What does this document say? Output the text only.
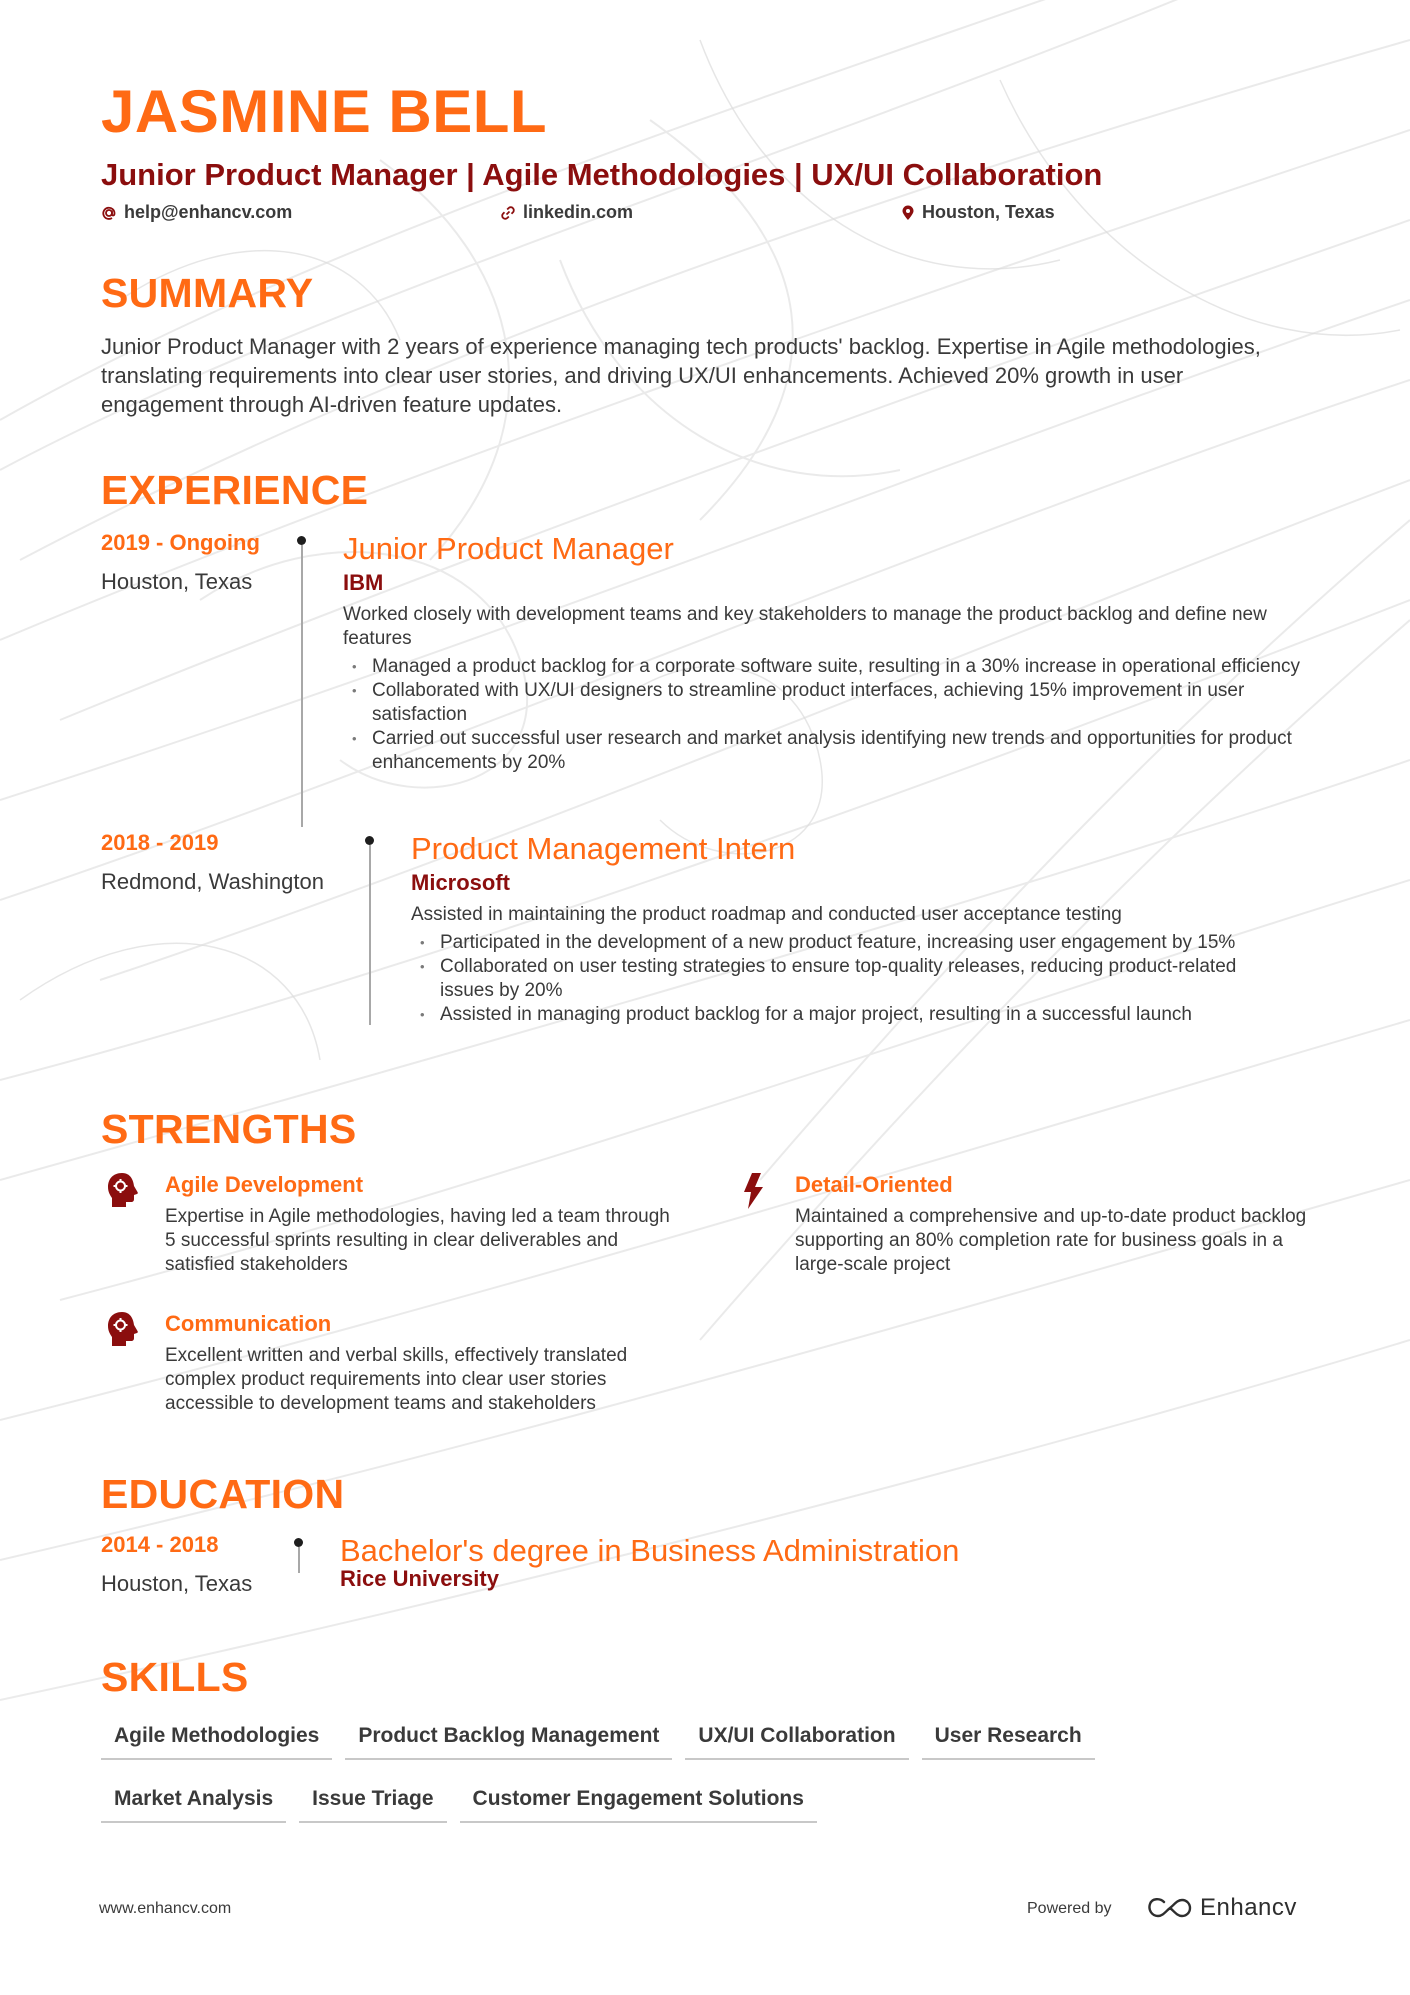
JASMINE BELL
Junior Product Manager | Agile Methodologies | UX/UI Collaboration
help@enhancv.com	linkedin.com	Houston, Texas
SUMMARY

Junior Product Manager with 2 years of experience managing tech products' backlog. Expertise in Agile methodologies, translating requirements into clear user stories, and driving UX/UI enhancements. Achieved 20% growth in user engagement through AI-driven feature updates.

EXPERIENCE
2019 - Ongoing
Houston, Texas
Junior Product Manager
IBM
Worked closely with development teams and key stakeholders to manage the product backlog and define new features
• Managed a product backlog for a corporate software suite, resulting in a 30% increase in operational efficiency
• Collaborated with UX/UI designers to streamline product interfaces, achieving 15% improvement in user satisfaction
• Carried out successful user research and market analysis identifying new trends and opportunities for product enhancements by 20%
2018 - 2019
Redmond, Washington
Product Management Intern
Microsoft
Assisted in maintaining the product roadmap and conducted user acceptance testing
• Participated in the development of a new product feature, increasing user engagement by 15%
• Collaborated on user testing strategies to ensure top-quality releases, reducing product-related issues by 20%
• Assisted in managing product backlog for a major project, resulting in a successful launch
STRENGTHS
Agile Development
Expertise in Agile methodologies, having led a team through 5 successful sprints resulting in clear deliverables and satisfied stakeholders
Detail-Oriented
Maintained a comprehensive and up-to-date product backlog supporting an 80% completion rate for business goals in a large-scale project
Communication
Excellent written and verbal skills, effectively translated complex product requirements into clear user stories accessible to development teams and stakeholders
EDUCATION
2014 - 2018
Houston, Texas
Bachelor's degree in Business Administration
Rice University
SKILLS
Agile Methodologies	Product Backlog Management	UX/UI Collaboration	User Research
Market Analysis	Issue Triage	Customer Engagement Solutions
www.enhancv.com	Powered by	Enhancv
